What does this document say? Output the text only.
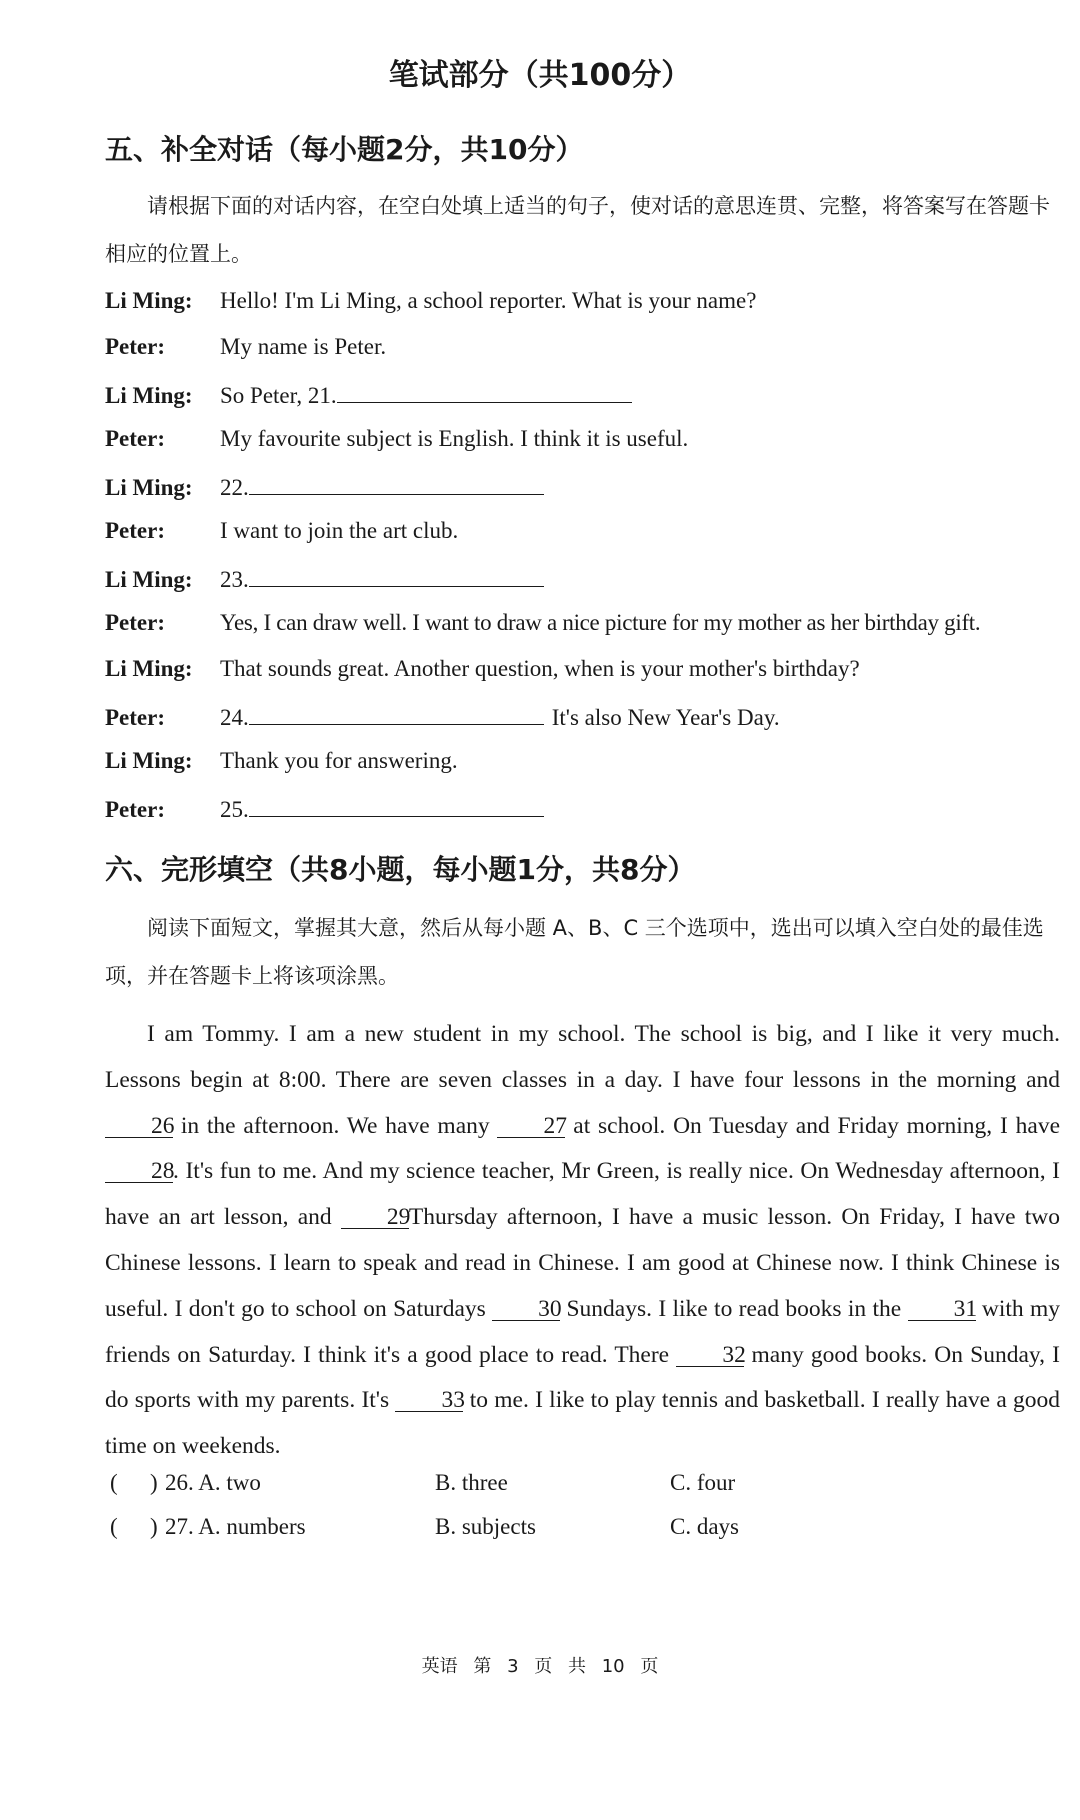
笔试部分（共100分）
五、补全对话（每小题2分，共10分）
请根据下面的对话内容，在空白处填上适当的句子，使对话的意思连贯、完整，将答案写在答题卡相应的位置上。
Li Ming:	Hello! I'm Li Ming, a school reporter. What is your name?
Peter:	My name is Peter.
Li Ming:	So Peter, 21.
Peter:	My favourite subject is English. I think it is useful.
Li Ming:	22.
Peter:	I want to join the art club.
Li Ming:	23.
Peter:	Yes, I can draw well. I want to draw a nice picture for my mother as her birthday gift.
Li Ming:	That sounds great. Another question, when is your mother's birthday?
Peter:	24.	It's also New Year's Day.
Li Ming:	Thank you for answering.
Peter:	25.
六、完形填空（共8小题，每小题1分，共8分）
阅读下面短文，掌握其大意，然后从每小题 A、B、C 三个选项中，选出可以填入空白处的最佳选项，并在答题卡上将该项涂黑。

I am Tommy. I am a new student in my school. The school is big, and I like it very much. Lessons begin at 8:00. There are seven classes in a day. I have four lessons in the morning and 26 in the afternoon. We have many 27 at school. On Tuesday and Friday morning, I have 28. It's fun to me. And my science teacher, Mr Green, is really nice. On Wednesday afternoon, I have an art lesson, and 29Thursday afternoon, I have a music lesson. On Friday, I have two Chinese lessons. I learn to speak and read in Chinese. I am good at Chinese now. I think Chinese is useful. I don't go to school on Saturdays 30 Sundays. I like to read books in the 31 with my friends on Saturday. I think it's a good place to read. There 32 many good books. On Sunday, I do sports with my parents. It's 33 to me. I like to play tennis and basketball. I really have a good time on weekends.

( ) 26. A. two	B. three	C. four
( ) 27. A. numbers	B. subjects	C. days
英语 第 3 页 共 10 页
